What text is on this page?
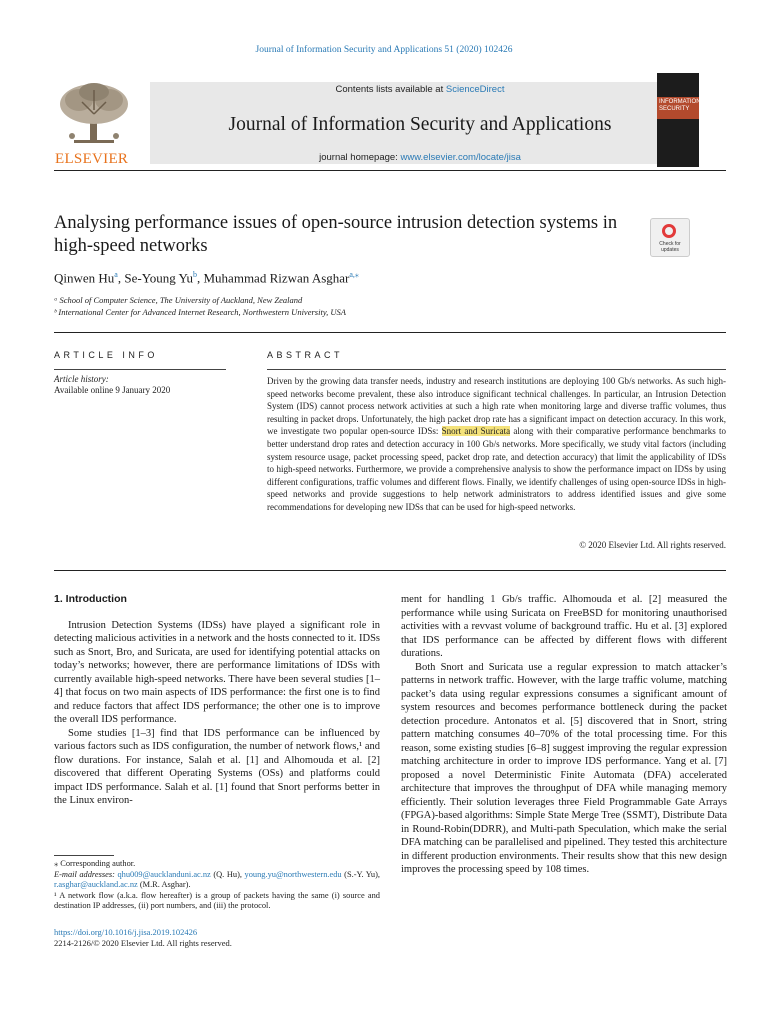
Journal of Information Security and Applications 51 (2020) 102426
ELSEVIER
Contents lists available at ScienceDirect
Journal of Information Security and Applications
journal homepage: www.elsevier.com/locate/jisa
INFORMATION SECURITY
Analysing performance issues of open-source intrusion detection systems in high-speed networks	Check for updates
Qinwen Hu$^a$, Se-Young Yu$^b$, Muhammad Rizwan Asghar$^{a,⁎}$
ᵃ School of Computer Science, The University of Auckland, New Zealand
ᵇ International Center for Advanced Internet Research, Northwestern University, USA
ARTICLE INFO	ABSTRACT
Article history:
Available online 9 January 2020

Driven by the growing data transfer needs, industry and research institutions are deploying 100 Gb/s networks. As such high-speed networks become prevalent, these also introduce significant technical challenges. In particular, an Intrusion Detection System (IDS) cannot process network activities at such a high rate when monitoring large and diverse traffic volumes, thus resulting in packet drops. Unfortunately, the high packet drop rate has a significant impact on detection accuracy. In this work, we investigate two popular open-source IDSs: Snort and Suricata along with their comparative performance benchmarks to better understand drop rates and detection accuracy in 100 Gb/s networks. More specifically, we study vital factors (including system resource usage, packet processing speed, packet drop rate, and detection accuracy) that limit the applicability of IDSs to high-speed networks. Furthermore, we provide a comprehensive analysis to show the performance impact on IDSs by using different configurations, traffic volumes and different flows. Finally, we identify challenges of using open-source IDSs in high-speed networks and provide suggestions to help network administrators to address identified issues and give some recommendations for developing new IDSs that can be used for high-speed networks.

© 2020 Elsevier Ltd. All rights reserved.
1. Introduction

Intrusion Detection Systems (IDSs) have played a significant role in detecting malicious activities in a network and the hosts connected to it. IDSs such as Snort, Bro, and Suricata, are used for identifying potential attacks on today’s networks; however, there are performance limitations of IDSs with currently available high-speed networks. There have been several studies [1–4] that focus on two main aspects of IDS performance: the first one is to find and reduce factors that affect IDS performance; the other one is to improve the overall IDS performance.

Some studies [1–3] find that IDS performance can be influenced by various factors such as IDS configuration, the number of network flows,¹ and flow durations. For instance, Salah et al. [1] and Alhomouda et al. [2] discovered that different Operating Systems (OSs) and platforms could impact IDS performance. Salah et al. [1] found that Snort performs better in the Linux environ-

ment for handling 1 Gb/s traffic. Alhomouda et al. [2] measured the performance while using Suricata on FreeBSD for monitoring unauthorised activities with a revvast volume of background traffic. Hu et al. [3] explored that IDS performance can be affected by different flows with different durations.

Both Snort and Suricata use a regular expression to match attacker’s patterns in network traffic. However, with the large traffic volume, matching packet’s data using regular expressions consumes a significant amount of system resources and becomes performance bottleneck during the packet detection procedure. Antonatos et al. [5] discovered that in Snort, string pattern matching consumes 40–70% of the total processing time. For this reason, some existing studies [6–8] suggest improving the regular expression matching architecture in order to improve IDS performance. Yang et al. [7] proposed a novel Deterministic Finite Automata (DFA) accelerated architecture that improves the throughput of DFA while managing memory efficiently. Their solution leverages three Field Programmable Gate Arrays (FPGA)-based algorithms: Simple State Merge Tree (SSMT), Distribute Data in Round-Robin(DDRR), and Multi-path Speculation, which make the serial DFA matching can be parallelised and pipelined. They tested this architecture in different production environments. Their results show that this new design improves the processing speed by 108 times.

⁎ Corresponding author.

E-mail addresses: qhu009@aucklanduni.ac.nz (Q. Hu), young.yu@northwestern.edu (S.-Y. Yu), r.asghar@auckland.ac.nz (M.R. Asghar).

¹ A network flow (a.k.a. flow hereafter) is a group of packets having the same (i) source and destination IP addresses, (ii) port numbers, and (iii) the protocol.

https://doi.org/10.1016/j.jisa.2019.102426
2214-2126/© 2020 Elsevier Ltd. All rights reserved.
